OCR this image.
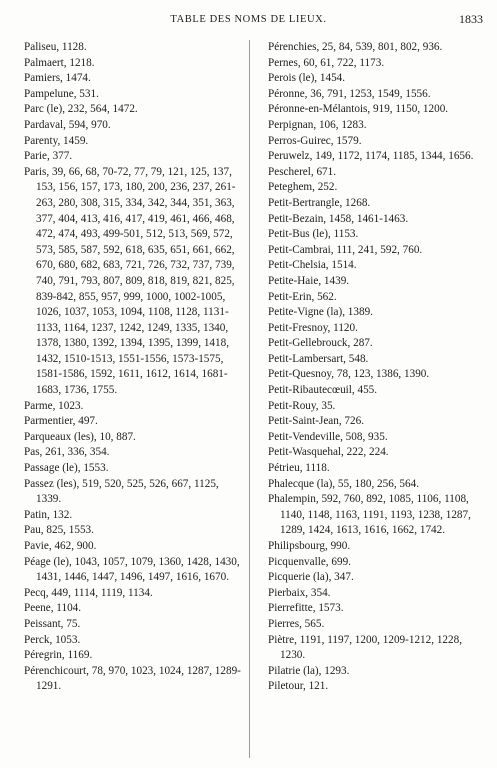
TABLE DES NOMS DE LIEUX.	1833

Paliseu, 1128.

Palmaert, 1218.

Pamiers, 1474.

Pampelune, 531.

Parc (le), 232, 564, 1472.

Pardaval, 594, 970.

Parenty, 1459.

Parie, 377.

Paris, 39, 66, 68, 70-72, 77, 79, 121, 125, 137, 153, 156, 157, 173, 180, 200, 236, 237, 261-263, 280, 308, 315, 334, 342, 344, 351, 363, 377, 404, 413, 416, 417, 419, 461, 466, 468, 472, 474, 493, 499-501, 512, 513, 569, 572, 573, 585, 587, 592, 618, 635, 651, 661, 662, 670, 680, 682, 683, 721, 726, 732, 737, 739, 740, 791, 793, 807, 809, 818, 819, 821, 825, 839-842, 855, 957, 999, 1000, 1002-1005, 1026, 1037, 1053, 1094, 1108, 1128, 1131-1133, 1164, 1237, 1242, 1249, 1335, 1340, 1378, 1380, 1392, 1394, 1395, 1399, 1418, 1432, 1510-1513, 1551-1556, 1573-1575, 1581-1586, 1592, 1611, 1612, 1614, 1681-1683, 1736, 1755.

Parme, 1023.

Parmentier, 497.

Parqueaux (les), 10, 887.

Pas, 261, 336, 354.

Passage (le), 1553.

Passez (les), 519, 520, 525, 526, 667, 1125, 1339.

Patin, 132.

Pau, 825, 1553.

Pavie, 462, 900.

Péage (le), 1043, 1057, 1079, 1360, 1428, 1430, 1431, 1446, 1447, 1496, 1497, 1616, 1670.

Pecq, 449, 1114, 1119, 1134.

Peene, 1104.

Peissant, 75.

Perck, 1053.

Péregrin, 1169.

Pérenchicourt, 78, 970, 1023, 1024, 1287, 1289-1291.

Pérenchies, 25, 84, 539, 801, 802, 936.

Pernes, 60, 61, 722, 1173.

Perois (le), 1454.

Péronne, 36, 791, 1253, 1549, 1556.

Péronne-en-Mélantois, 919, 1150, 1200.

Perpignan, 106, 1283.

Perros-Guirec, 1579.

Peruwelz, 149, 1172, 1174, 1185, 1344, 1656.

Pescherel, 671.

Peteghem, 252.

Petit-Bertrangle, 1268.

Petit-Bezain, 1458, 1461-1463.

Petit-Bus (le), 1153.

Petit-Cambrai, 111, 241, 592, 760.

Petit-Chelsia, 1514.

Petite-Haie, 1439.

Petit-Erin, 562.

Petite-Vigne (la), 1389.

Petit-Fresnoy, 1120.

Petit-Gellebrouck, 287.

Petit-Lambersart, 548.

Petit-Quesnoy, 78, 123, 1386, 1390.

Petit-Ribautecœuil, 455.

Petit-Rouy, 35.

Petit-Saint-Jean, 726.

Petit-Vendeville, 508, 935.

Petit-Wasquehal, 222, 224.

Pétrieu, 1118.

Phalecque (la), 55, 180, 256, 564.

Phalempin, 592, 760, 892, 1085, 1106, 1108, 1140, 1148, 1163, 1191, 1193, 1238, 1287, 1289, 1424, 1613, 1616, 1662, 1742.

Philipsbourg, 990.

Picquenvalle, 699.

Picquerie (la), 347.

Pierbaix, 354.

Pierrefitte, 1573.

Pierres, 565.

Piètre, 1191, 1197, 1200, 1209-1212, 1228, 1230.

Pilatrie (la), 1293.

Piletour, 121.
